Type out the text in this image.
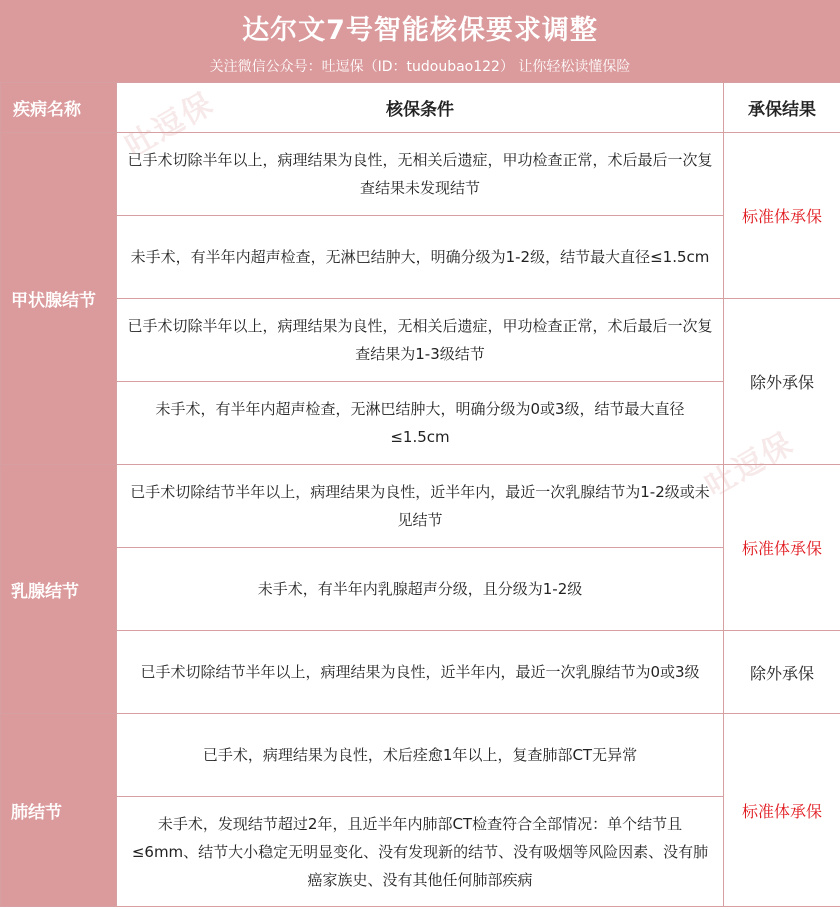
达尔文7号智能核保要求调整
关注微信公众号：吐逗保（ID：tudoubao122） 让你轻松读懂保险
疾病名称	核保条件	承保结果
甲状腺结节	已手术切除半年以上，病理结果为良性，无相关后遗症，甲功检查正常，术后最后一次复查结果未发现结节	标准体承保
	未手术，有半年内超声检查，无淋巴结肿大，明确分级为1-2级，结节最大直径≤1.5cm	
	已手术切除半年以上，病理结果为良性，无相关后遗症，甲功检查正常，术后最后一次复查结果为1-3级结节	除外承保
	未手术，有半年内超声检查，无淋巴结肿大，明确分级为0或3级，结节最大直径≤1.5cm	
乳腺结节	已手术切除结节半年以上，病理结果为良性，近半年内，最近一次乳腺结节为1-2级或未见结节	标准体承保
	未手术，有半年内乳腺超声分级，且分级为1-2级	
	已手术切除结节半年以上，病理结果为良性，近半年内，最近一次乳腺结节为0或3级	除外承保
肺结节	已手术，病理结果为良性，术后痊愈1年以上，复查肺部CT无异常	标准体承保
	未手术，发现结节超过2年，且近半年内肺部CT检查符合全部情况：单个结节且≤6mm、结节大小稳定无明显变化、没有发现新的结节、没有吸烟等风险因素、没有肺癌家族史、没有其他任何肺部疾病	
吐逗保
吐逗保
